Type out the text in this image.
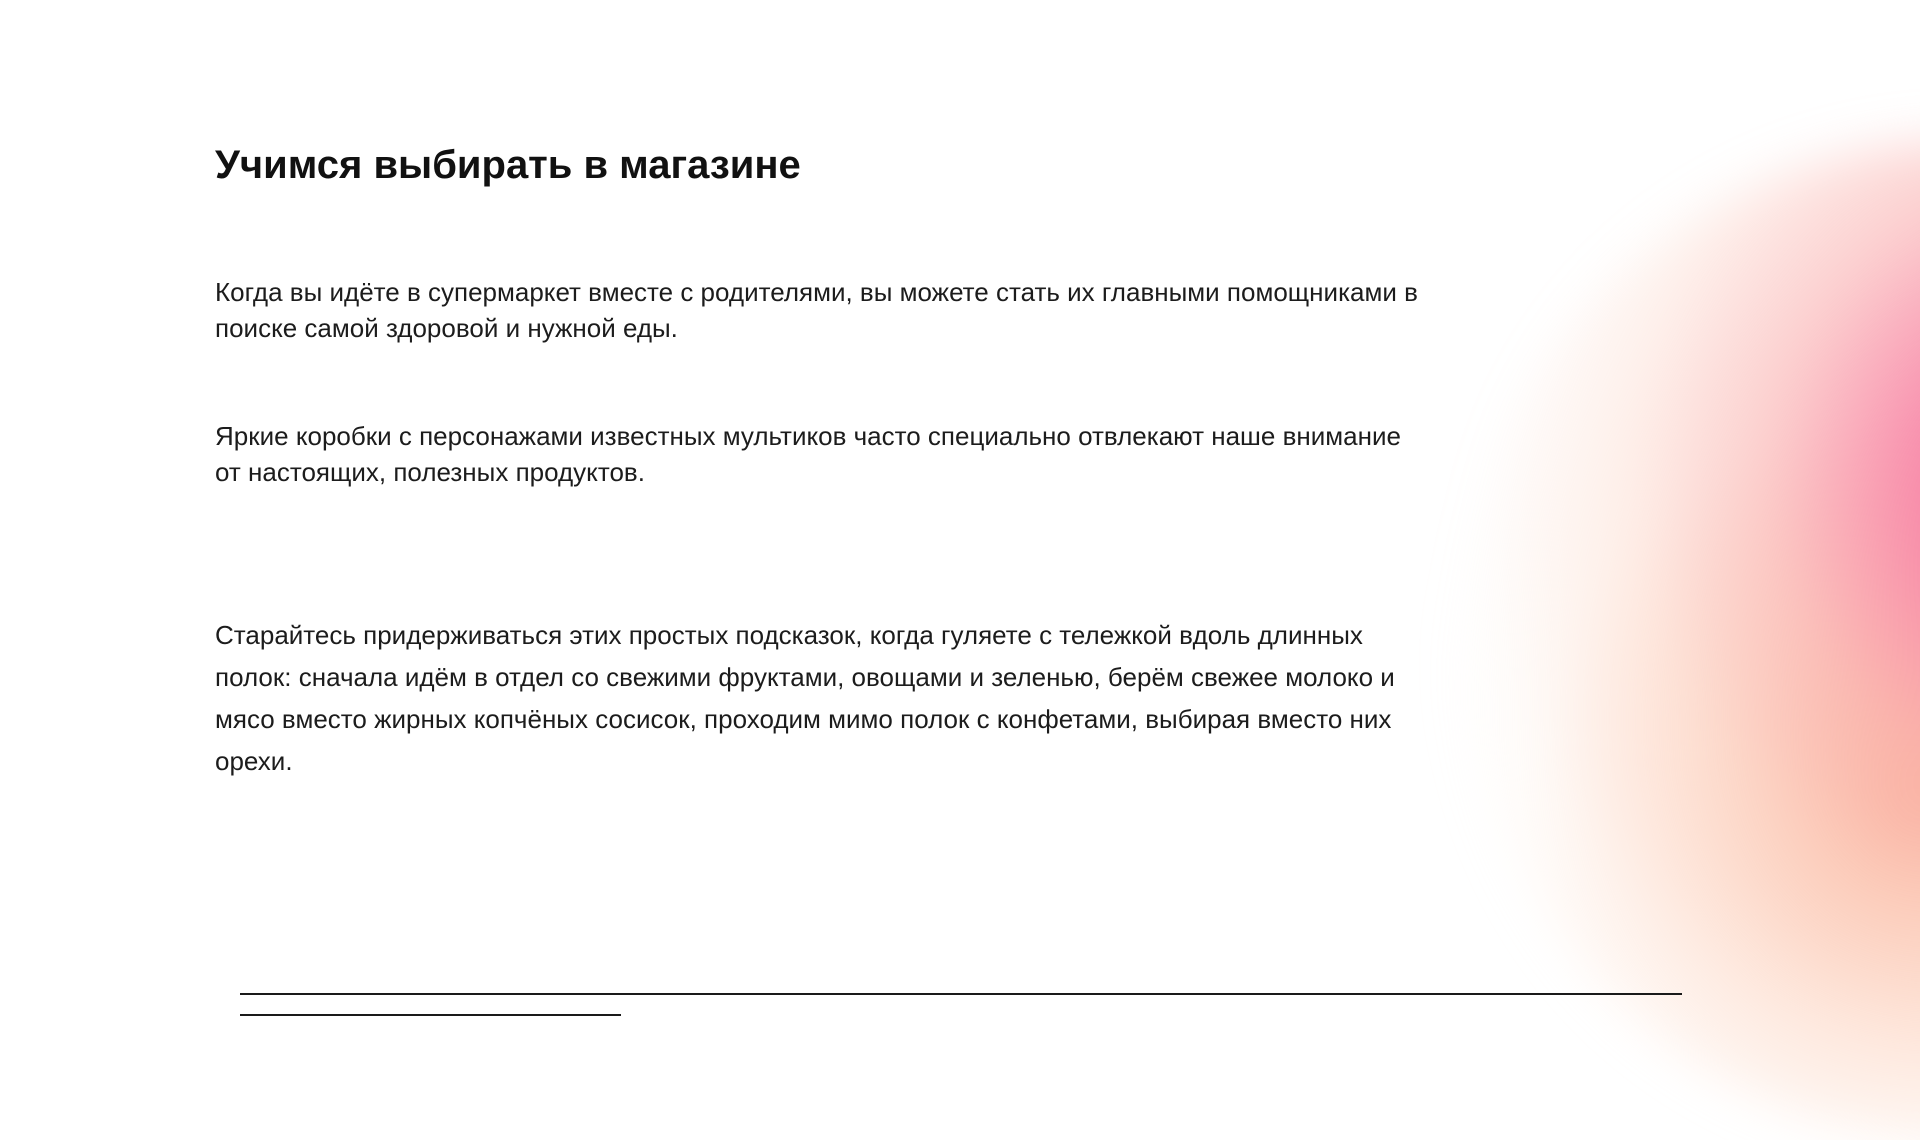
Учимся выбирать в магазине

Когда вы идёте в супермаркет вместе с родителями, вы можете стать их главными помощниками в
поиске самой здоровой и нужной еды.

Яркие коробки с персонажами известных мультиков часто специально отвлекают наше внимание
от настоящих, полезных продуктов.

Старайтесь придерживаться этих простых подсказок, когда гуляете с тележкой вдоль длинных
полок: сначала идём в отдел со свежими фруктами, овощами и зеленью, берём свежее молоко и
мясо вместо жирных копчёных сосисок, проходим мимо полок с конфетами, выбирая вместо них
орехи.
